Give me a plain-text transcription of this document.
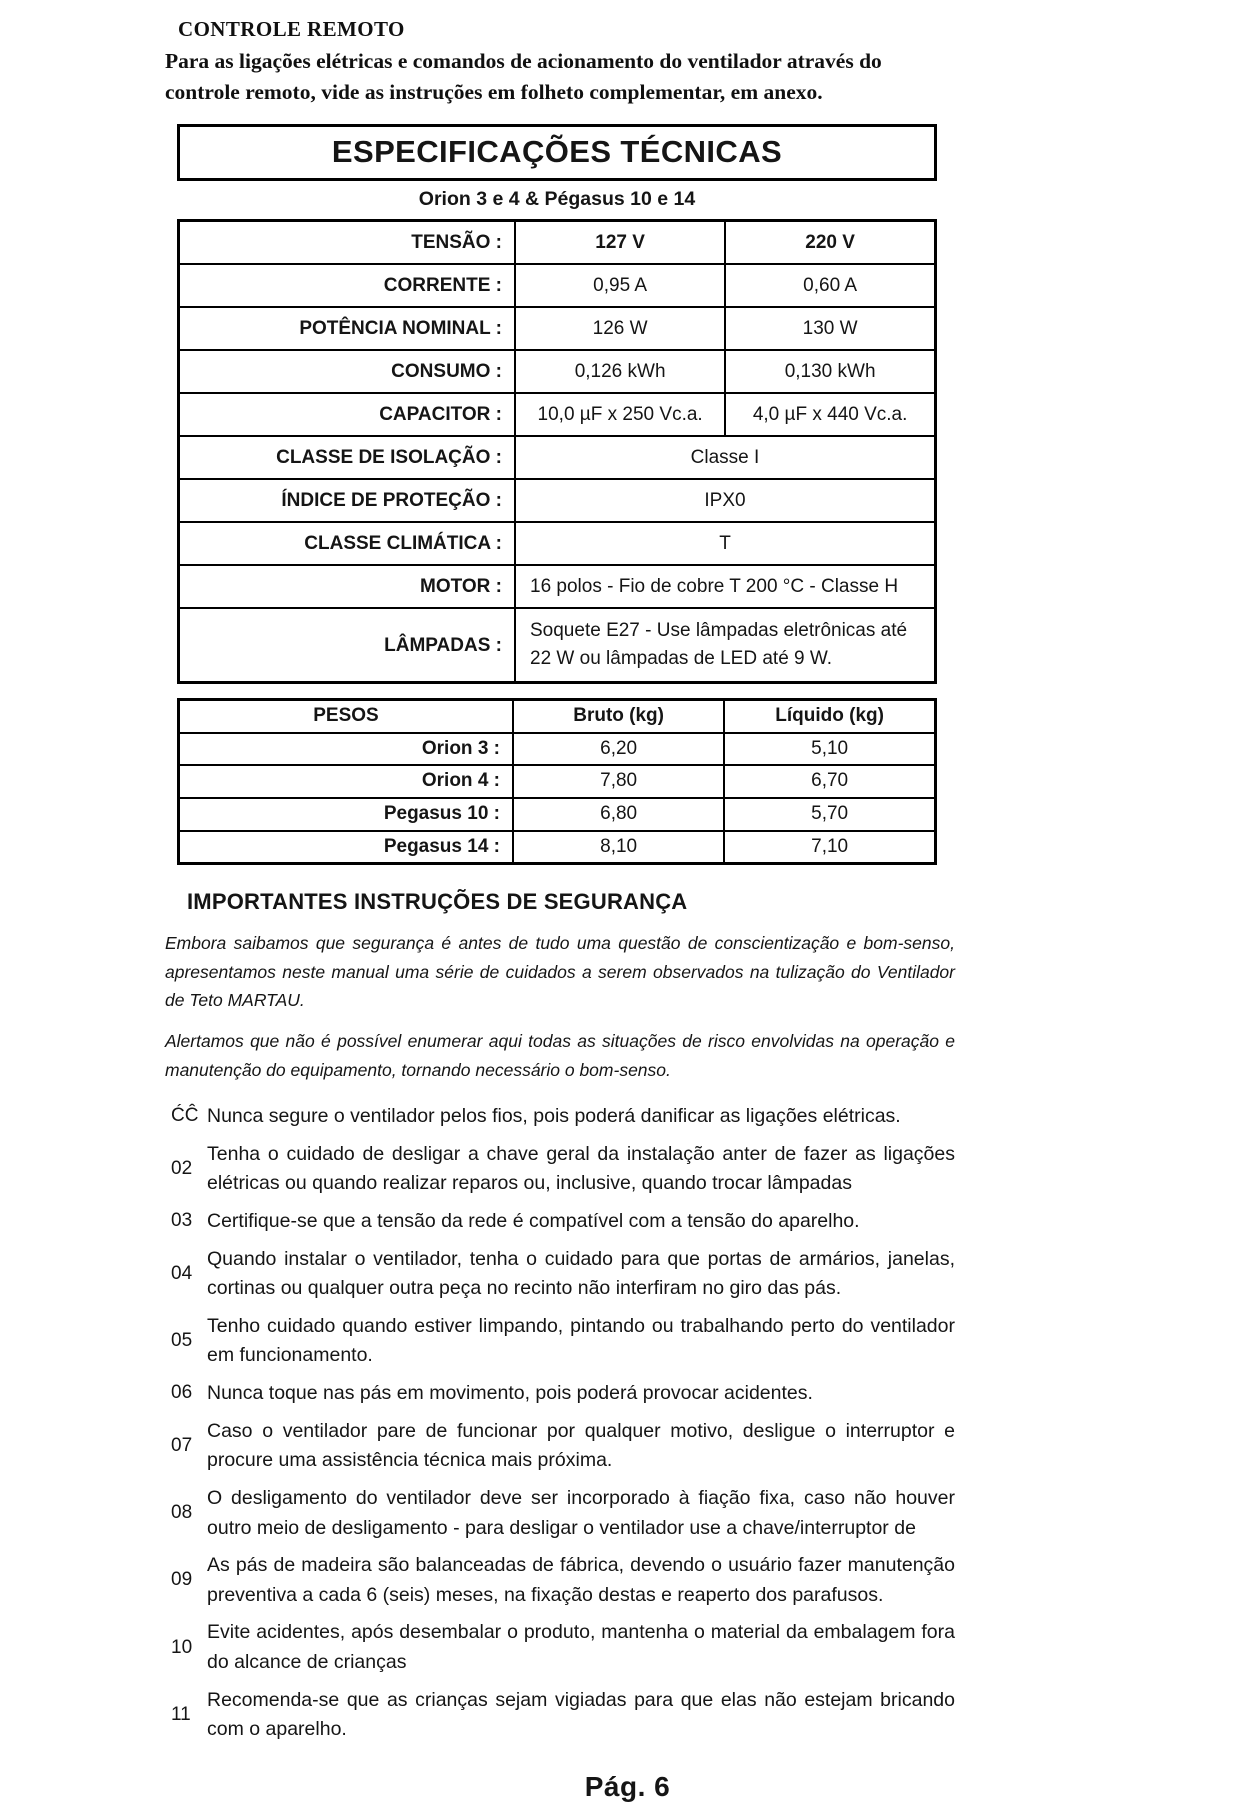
CONTROLE REMOTO

Para as ligações elétricas e comandos de acionamento do ventilador através do controle remoto, vide as instruções em folheto complementar, em anexo.

ESPECIFICAÇÕES TÉCNICAS
Orion 3 e 4 & Pégasus 10 e 14
TENSÃO :	127 V	220 V
CORRENTE :	0,95 A	0,60 A
POTÊNCIA NOMINAL :	126 W	130 W
CONSUMO :	0,126 kWh	0,130 kWh
CAPACITOR :	10,0 µF x 250 Vc.a.	4,0 µF x 440 Vc.a.
CLASSE DE ISOLAÇÃO :	Classe I	
ÍNDICE DE PROTEÇÃO :	IPX0	
CLASSE CLIMÁTICA :	T	
MOTOR :	16 polos - Fio de cobre T 200 °C - Classe H	
LÂMPADAS :	Soquete E27 - Use lâmpadas eletrônicas até
22 W ou lâmpadas de LED até 9 W.	
PESOS	Bruto (kg)	Líquido (kg)
Orion 3 :	6,20	5,10
Orion 4 :	7,80	6,70
Pegasus 10 :	6,80	5,70
Pegasus 14 :	8,10	7,10
IMPORTANTES INSTRUÇÕES DE SEGURANÇA

Embora saibamos que segurança é antes de tudo uma questão de conscientização e bom-senso, apresentamos neste manual uma série de cuidados a serem observados na tulização do Ventilador de Teto MARTAU.

Alertamos que não é possível enumerar aqui todas as situações de risco envolvidas na operação e manutenção do equipamento, tornando necessário o bom-senso.

ĆĈ Nunca segure o ventilador pelos fios, pois poderá danificar as ligações elétricas.
02
Tenha o cuidado de desligar a chave geral da instalação anter de fazer as ligações elétricas ou quando realizar reparos ou, inclusive, quando trocar lâmpadas
03 Certifique-se que a tensão da rede é compatível com a tensão do aparelho.
04
Quando instalar o ventilador, tenha o cuidado para que portas de armários, janelas, cortinas ou qualquer outra peça no recinto não interfiram no giro das pás.
05
Tenho cuidado quando estiver limpando, pintando ou trabalhando perto do ventilador em funcionamento.
06 Nunca toque nas pás em movimento, pois poderá provocar acidentes.
07
Caso o ventilador pare de funcionar por qualquer motivo, desligue o interruptor e procure uma assistência técnica mais próxima.
08
O desligamento do ventilador deve ser incorporado à fiação fixa, caso não houver outro meio de desligamento - para desligar o ventilador use a chave/interruptor de
09
As pás de madeira são balanceadas de fábrica, devendo o usuário fazer manutenção preventiva a cada 6 (seis) meses, na fixação destas e reaperto dos parafusos.
10
Evite acidentes, após desembalar o produto, mantenha o material da embalagem fora do alcance de crianças
11
Recomenda-se que as crianças sejam vigiadas para que elas não estejam bricando com o aparelho.
Pág. 6
